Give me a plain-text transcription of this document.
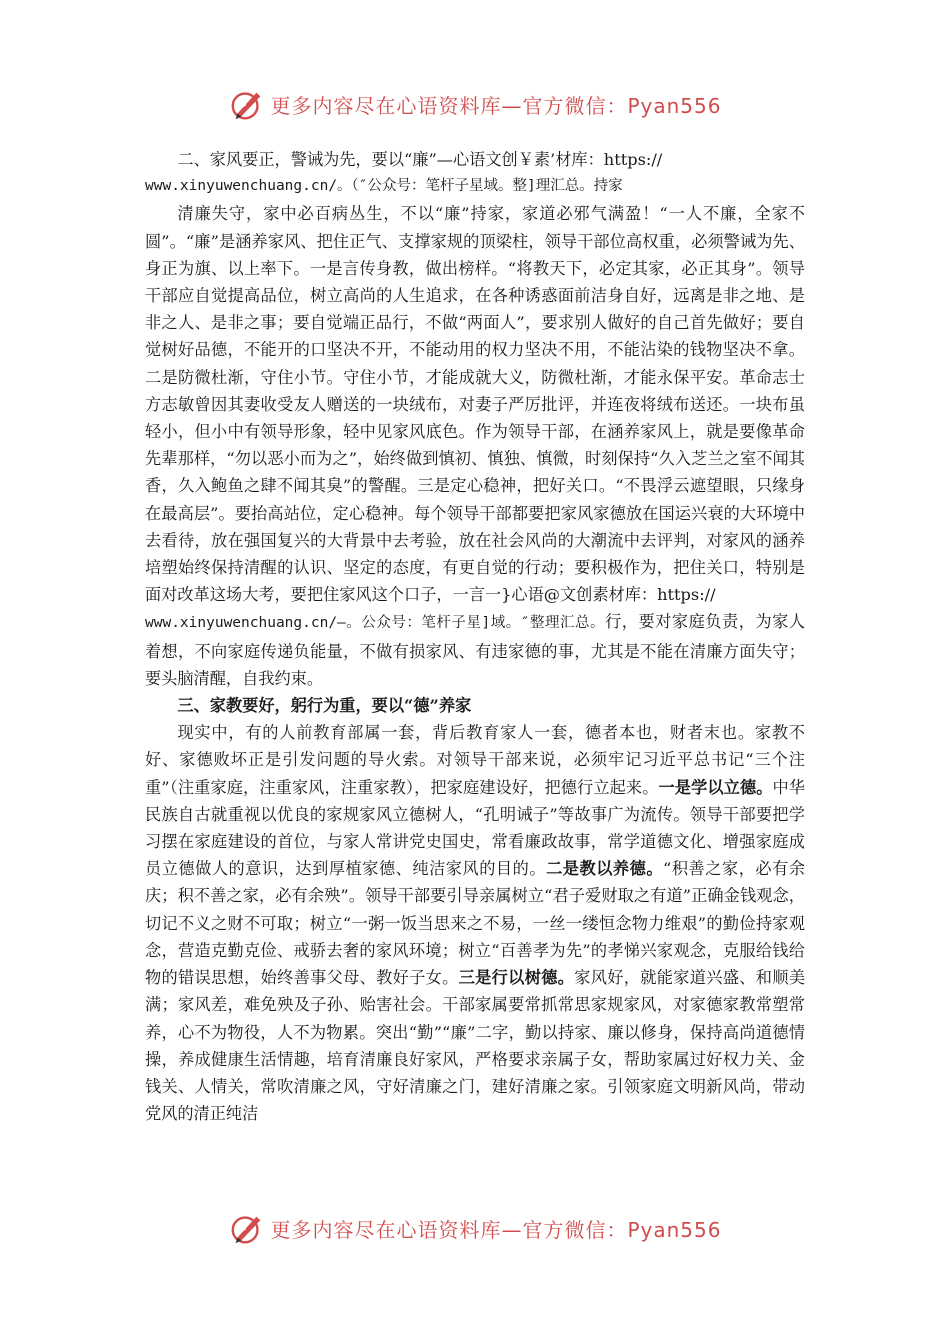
更多内容尽在心语资料库—官方微信：Pyan556

二、家风要正，警诫为先，要以“廉”—心语文创￥素’材库：https://

www.xinyuwenchuang.cn/。（″公众号：笔杆子星域。整]理汇总。持家

清廉失守，家中必百病丛生，不以“廉”持家，家道必邪气满盈！“一人不廉，全家不圆”。“廉”是涵养家风、把住正气、支撑家规的顶梁柱，领导干部位高权重，必须警诫为先、身正为旗、以上率下。一是言传身教，做出榜样。“将教天下，必定其家，必正其身”。领导干部应自觉提高品位，树立高尚的人生追求，在各种诱惑面前洁身自好，远离是非之地、是非之人、是非之事；要自觉端正品行，不做“两面人”，要求别人做好的自己首先做好；要自觉树好品德，不能开的口坚决不开，不能动用的权力坚决不用，不能沾染的钱物坚决不拿。二是防微杜渐，守住小节。守住小节，才能成就大义，防微杜渐，才能永保平安。革命志士方志敏曾因其妻收受友人赠送的一块绒布，对妻子严厉批评，并连夜将绒布送还。一块布虽轻小，但小中有领导形象，轻中见家风底色。作为领导干部，在涵养家风上，就是要像革命先辈那样，“勿以恶小而为之”，始终做到慎初、慎独、慎微，时刻保持“久入芝兰之室不闻其香，久入鲍鱼之肆不闻其臭”的警醒。三是定心稳神，把好关口。“不畏浮云遮望眼，只缘身在最高层”。要抬高站位，定心稳神。每个领导干部都要把家风家德放在国运兴衰的大环境中去看待，放在强国复兴的大背景中去考验，放在社会风尚的大潮流中去评判，对家风的涵养培塑始终保持清醒的认识、坚定的态度，有更自觉的行动；要积极作为，把住关口，特别是面对改革这场大考，要把住家风这个口子，一言一}心语@文创素材库：https://

www.xinyuwenchuang.cn/—。公众号：笔杆子星]域。″整理汇总。行，要对家庭负责，为家人着想，不向家庭传递负能量，不做有损家风、有违家德的事，尤其是不能在清廉方面失守；要头脑清醒，自我约束。

三、家教要好，躬行为重，要以“德”养家

现实中，有的人前教育部属一套，背后教育家人一套，德者本也，财者末也。家教不好、家德败坏正是引发问题的导火索。对领导干部来说，必须牢记习近平总书记“三个注重”（注重家庭，注重家风，注重家教），把家庭建设好，把德行立起来。一是学以立德。中华民族自古就重视以优良的家规家风立德树人，“孔明诫子”等故事广为流传。领导干部要把学习摆在家庭建设的首位，与家人常讲党史国史，常看廉政故事，常学道德文化、增强家庭成员立德做人的意识，达到厚植家德、纯洁家风的目的。二是教以养德。“积善之家，必有余庆；积不善之家，必有余殃”。领导干部要引导亲属树立“君子爱财取之有道”正确金钱观念，切记不义之财不可取；树立“一粥一饭当思来之不易，一丝一缕恒念物力维艰”的勤俭持家观念，营造克勤克俭、戒骄去奢的家风环境；树立“百善孝为先”的孝悌兴家观念，克服给钱给物的错误思想，始终善事父母、教好子女。三是行以树德。家风好，就能家道兴盛、和顺美满；家风差，难免殃及子孙、贻害社会。干部家属要常抓常思家规家风，对家德家教常塑常养，心不为物役，人不为物累。突出“勤”“廉”二字，勤以持家、廉以修身，保持高尚道德情操，养成健康生活情趣，培育清廉良好家风，严格要求亲属子女，帮助家属过好权力关、金钱关、人情关，常吹清廉之风，守好清廉之门，建好清廉之家。引领家庭文明新风尚，带动党风的清正纯洁

更多内容尽在心语资料库—官方微信：Pyan556
